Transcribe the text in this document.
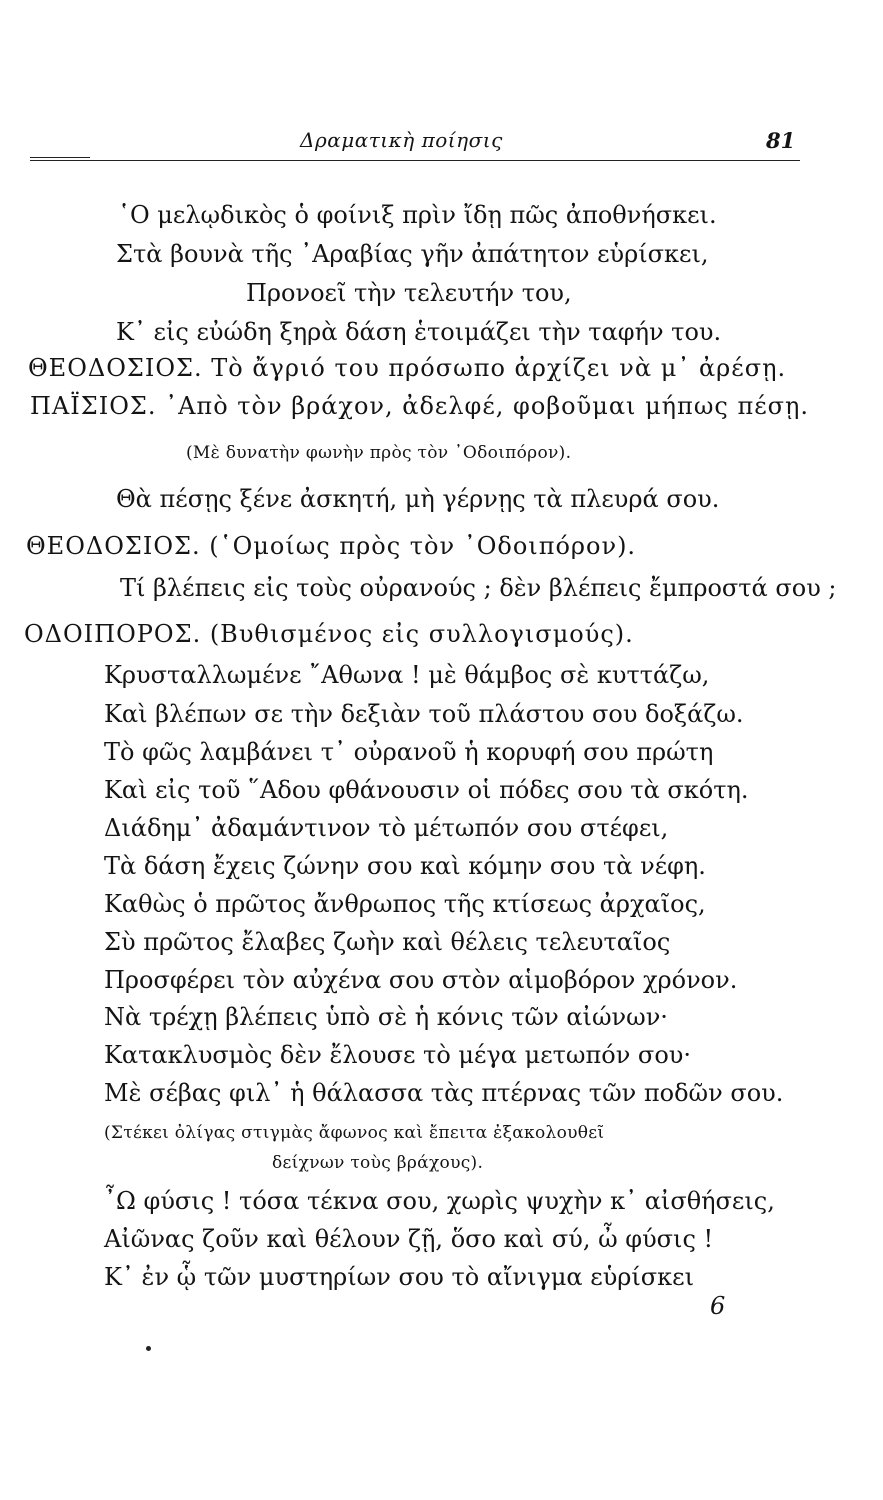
Δραματικὴ ποίησις	81
῾Ο μελῳδικὸς ὁ φοίνιξ πρὶν ἴδῃ πῶς ἀποθνήσκει.
Στὰ βουνὰ τῆς ᾿Αραβίας γῆν ἀπάτητον εὑρίσκει,
Προνοεῖ τὴν τελευτήν του,
Κ᾿ εἰς εὐώδη ξηρὰ δάση ἑτοιμάζει τὴν ταφήν του.
ΘΕΟΔΟΣΙΟΣ. Τὸ ἄγριό του πρόσωπο ἀρχίζει νὰ μ᾿ ἀρέσῃ.
ΠΑΪΣΙΟΣ. ᾿Απὸ τὸν βράχον, ἀδελφέ, φοβοῦμαι μήπως πέσῃ.
(Μὲ δυνατὴν φωνὴν πρὸς τὸν ᾿Οδοιπόρον).
Θὰ πέσῃς ξένε ἀσκητή, μὴ γέρνῃς τὰ πλευρά σου.
ΘΕΟΔΟΣΙΟΣ. (῾Ομοίως πρὸς τὸν ᾿Οδοιπόρον).
Τί βλέπεις εἰς τοὺς οὐρανούς ; δὲν βλέπεις ἔμπροστά σου ;
ΟΔΟΙΠΟΡΟΣ. (Βυθισμένος εἰς συλλογισμούς).
Κρυσταλλωμένε ῎Αθωνα ! μὲ θάμβος σὲ κυττάζω,
Καὶ βλέπων σε τὴν δεξιὰν τοῦ πλάστου σου δοξάζω.
Τὸ φῶς λαμβάνει τ᾿ οὐρανοῦ ἡ κορυφή σου πρώτη
Καὶ εἰς τοῦ ῞Αδου φθάνουσιν οἱ πόδες σου τὰ σκότη.
Διάδημ᾿ ἀδαμάντινον τὸ μέτωπόν σου στέφει,
Τὰ δάση ἔχεις ζώνην σου καὶ κόμην σου τὰ νέφη.
Καθὼς ὁ πρῶτος ἄνθρωπος τῆς κτίσεως ἀρχαῖος,
Σὺ πρῶτος ἔλαβες ζωὴν καὶ θέλεις τελευταῖος
Προσφέρει τὸν αὐχένα σου στὸν αἱμοβόρον χρόνον.
Νὰ τρέχῃ βλέπεις ὑπὸ σὲ ἡ κόνις τῶν αἰώνων·
Κατακλυσμὸς δὲν ἔλουσε τὸ μέγα μετωπόν σου·
Μὲ σέβας φιλ᾿ ἡ θάλασσα τὰς πτέρνας τῶν ποδῶν σου.
(Στέκει ὀλίγας στιγμὰς ἄφωνος καὶ ἔπειτα ἐξακολουθεῖ
δείχνων τοὺς βράχους).
῏Ω φύσις ! τόσα τέκνα σου, χωρὶς ψυχὴν κ᾿ αἰσθήσεις,
Αἰῶνας ζοῦν καὶ θέλουν ζῇ, ὅσο καὶ σύ, ὦ φύσις !
Κ᾿ ἐν ᾧ τῶν μυστηρίων σου τὸ αἴνιγμα εὑρίσκει
6
